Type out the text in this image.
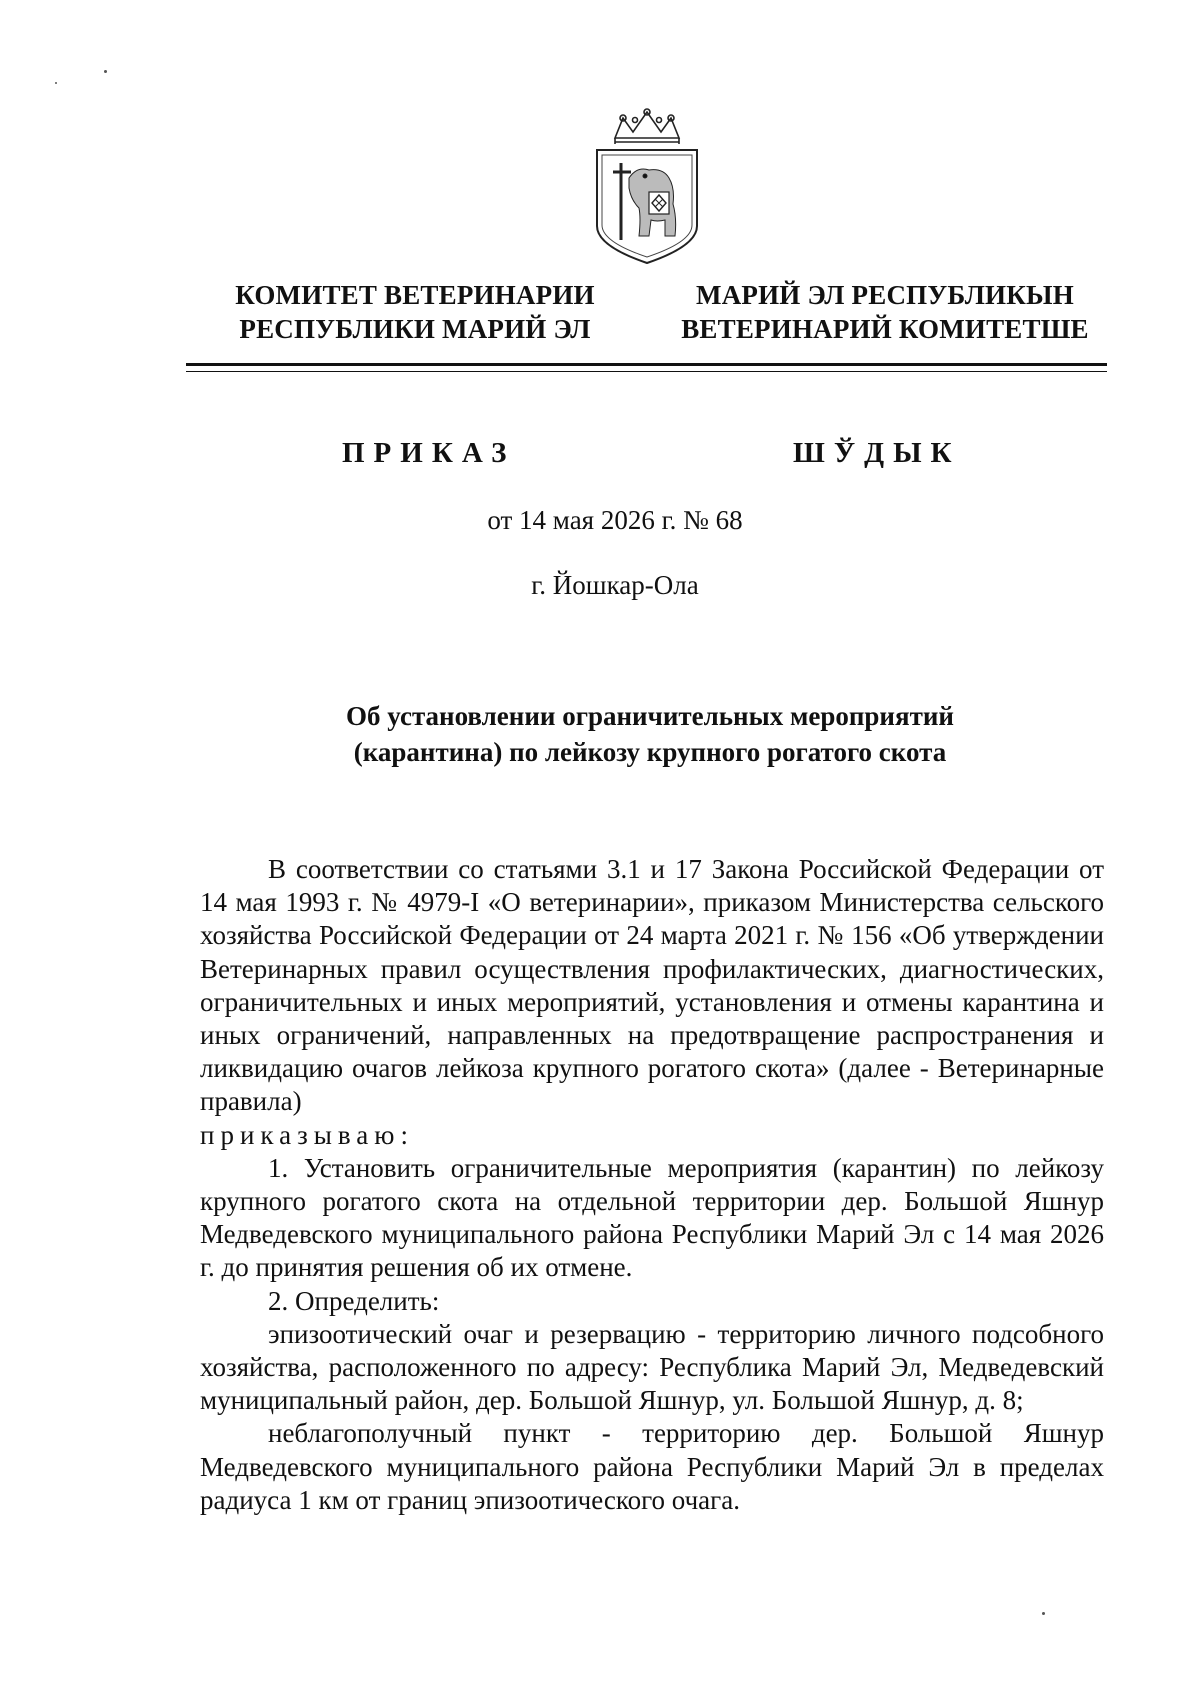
КОМИТЕТ ВЕТЕРИНАРИИ
РЕСПУБЛИКИ МАРИЙ ЭЛ
МАРИЙ ЭЛ РЕСПУБЛИКЫН
ВЕТЕРИНАРИЙ КОМИТЕТШЕ
ПРИКАЗ	ШЎДЫК
от 14 мая 2026 г. № 68
г. Йошкар-Ола
Об установлении ограничительных мероприятий
(карантина) по лейкозу крупного рогатого скота

В соответствии со статьями 3.1 и 17 Закона Российской Федерации от 14 мая 1993 г. № 4979-I «О ветеринарии», приказом Министерства сельского хозяйства Российской Федерации от 24 марта 2021 г. № 156 «Об утверждении Ветеринарных правил осуществления профилактических, диагностических, ограничительных и иных мероприятий, установления и отмены карантина и иных ограничений, направленных на предотвращение распространения и ликвидацию очагов лейкоза крупного рогатого скота» (далее - Ветеринарные правила)

приказываю:

1. Установить ограничительные мероприятия (карантин) по лейкозу крупного рогатого скота на отдельной территории дер. Большой Яшнур Медведевского муниципального района Республики Марий Эл с 14 мая 2026 г. до принятия решения об их отмене.

2. Определить:

эпизоотический очаг и резервацию - территорию личного подсобного хозяйства, расположенного по адресу: Республика Марий Эл, Медведевский муниципальный район, дер. Большой Яшнур, ул. Большой Яшнур, д. 8;

неблагополучный пункт - территорию дер. Большой Яшнур Медведевского муниципального района Республики Марий Эл в пределах радиуса 1 км от границ эпизоотического очага.
